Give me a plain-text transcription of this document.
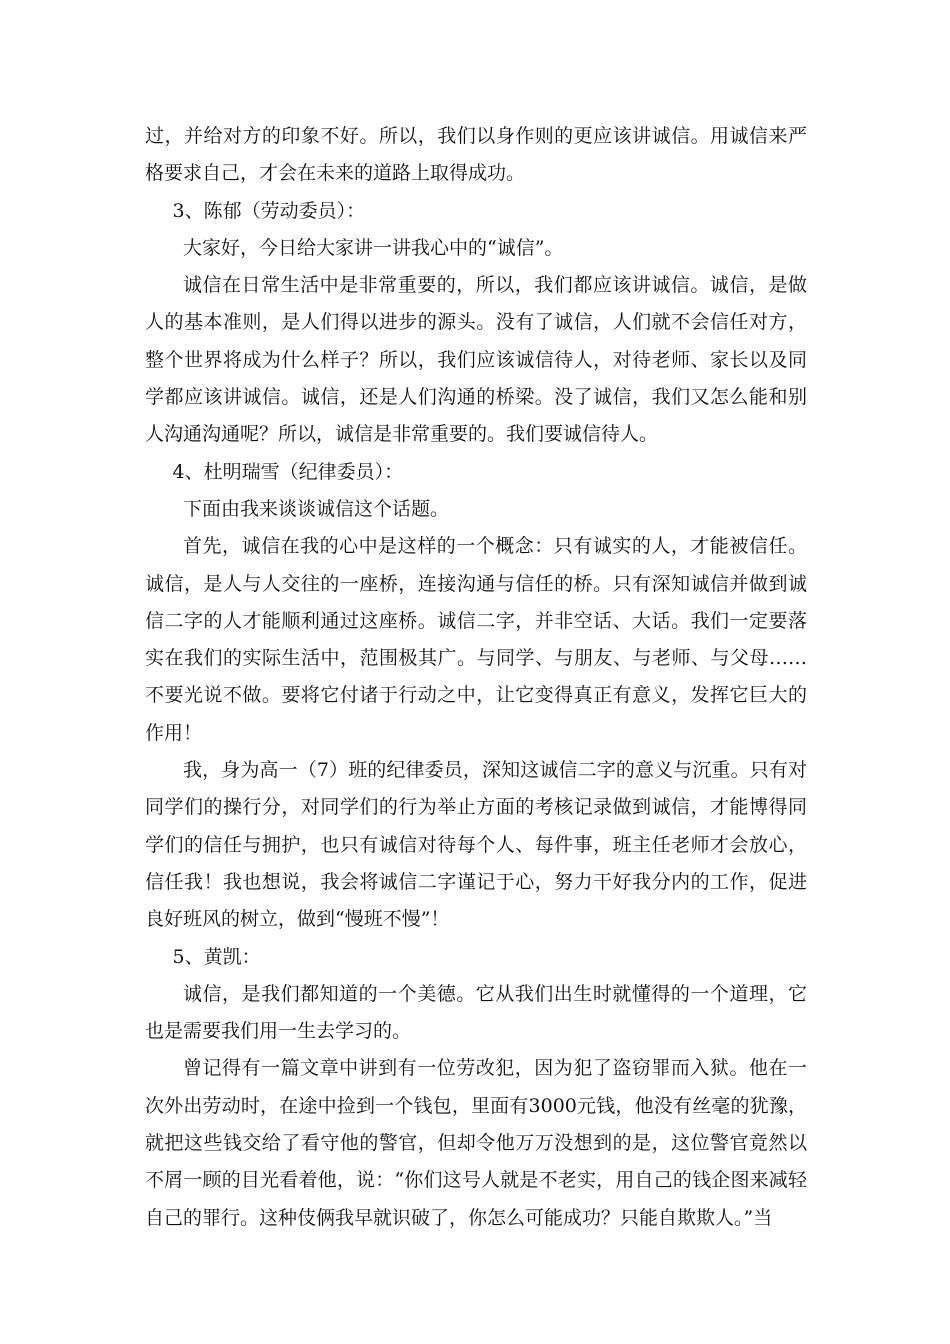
过，并给对方的印象不好。所以，我们以身作则的更应该讲诚信。用诚信来严格要求自己，才会在未来的道路上取得成功。

3、陈郁（劳动委员）：

大家好，今日给大家讲一讲我心中的“诚信”。

诚信在日常生活中是非常重要的，所以，我们都应该讲诚信。诚信，是做人的基本准则，是人们得以进步的源头。没有了诚信，人们就不会信任对方，整个世界将成为什么样子？所以，我们应该诚信待人，对待老师、家长以及同学都应该讲诚信。诚信，还是人们沟通的桥梁。没了诚信，我们又怎么能和别人沟通沟通呢？所以，诚信是非常重要的。我们要诚信待人。

4、杜明瑞雪（纪律委员）：

下面由我来谈谈诚信这个话题。

首先，诚信在我的心中是这样的一个概念：只有诚实的人，才能被信任。诚信，是人与人交往的一座桥，连接沟通与信任的桥。只有深知诚信并做到诚信二字的人才能顺利通过这座桥。诚信二字，并非空话、大话。我们一定要落实在我们的实际生活中，范围极其广。与同学、与朋友、与老师、与父母……不要光说不做。要将它付诸于行动之中，让它变得真正有意义，发挥它巨大的作用！

我，身为高一（7）班的纪律委员，深知这诚信二字的意义与沉重。只有对同学们的操行分，对同学们的行为举止方面的考核记录做到诚信，才能博得同学们的信任与拥护，也只有诚信对待每个人、每件事，班主任老师才会放心，信任我！我也想说，我会将诚信二字谨记于心，努力干好我分内的工作，促进良好班风的树立，做到“慢班不慢”！

5、黄凯：

诚信，是我们都知道的一个美德。它从我们出生时就懂得的一个道理，它也是需要我们用一生去学习的。

曾记得有一篇文章中讲到有一位劳改犯，因为犯了盗窃罪而入狱。他在一次外出劳动时，在途中捡到一个钱包，里面有3000元钱，他没有丝毫的犹豫，就把这些钱交给了看守他的警官，但却令他万万没想到的是，这位警官竟然以不屑一顾的目光看着他，说：“你们这号人就是不老实，用自己的钱企图来减轻自己的罪行。这种伎俩我早就识破了，你怎么可能成功？只能自欺欺人。”当
